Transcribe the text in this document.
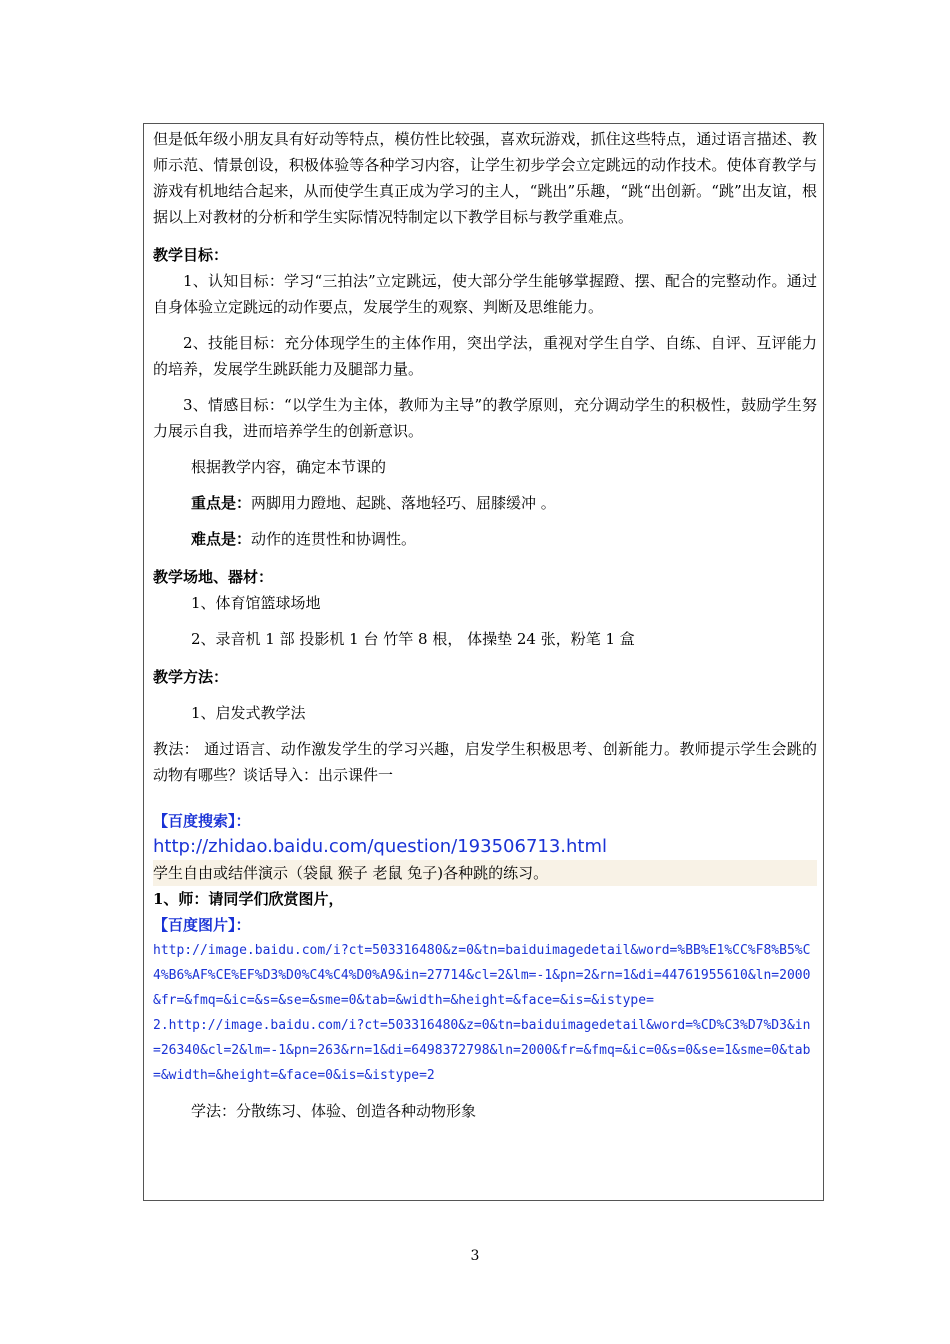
但是低年级小朋友具有好动等特点，模仿性比较强，喜欢玩游戏，抓住这些特点，通过语言描述、教师示范、情景创设，积极体验等各种学习内容，让学生初步学会立定跳远的动作技术。使体育教学与游戏有机地结合起来，从而使学生真正成为学习的主人，“跳出”乐趣，“跳“出创新。“跳”出友谊，根据以上对教材的分析和学生实际情况特制定以下教学目标与教学重难点。

教学目标：

1、认知目标：学习“三拍法”立定跳远，使大部分学生能够掌握蹬、摆、配合的完整动作。通过自身体验立定跳远的动作要点，发展学生的观察、判断及思维能力。

2、技能目标：充分体现学生的主体作用，突出学法，重视对学生自学、自练、自评、互评能力的培养，发展学生跳跃能力及腿部力量。

3、情感目标：“以学生为主体，教师为主导”的教学原则，充分调动学生的积极性，鼓励学生努力展示自我，进而培养学生的创新意识。

根据教学内容，确定本节课的

重点是：两脚用力蹬地、起跳、落地轻巧、屈膝缓冲 。

难点是：动作的连贯性和协调性。

教学场地、器材：

1、体育馆篮球场地

2、录音机 1 部 投影机 1 台 竹竿 8 根， 体操垫 24 张，粉笔 1 盒

教学方法：

1、启发式教学法

教法： 通过语言、动作激发学生的学习兴趣，启发学生积极思考、创新能力。教师提示学生会跳的动物有哪些？谈话导入：出示课件一

【百度搜索】：

http://zhidao.baidu.com/question/193506713.html

学生自由或结伴演示（袋鼠 猴子 老鼠 兔子)各种跳的练习。

1、师：请同学们欣赏图片，

【百度图片】：

http://image.baidu.com/i?ct=503316480&z=0&tn=baiduimagedetail&word=%BB%E1%CC%F8%B5%C4%B6%AF%CE%EF%D3%D0%C4%C4%D0%A9&in=27714&cl=2&lm=-1&pn=2&rn=1&di=44761955610&ln=2000&fr=&fmq=&ic=&s=&se=&sme=0&tab=&width=&height=&face=&is=&istype=

2.http://image.baidu.com/i?ct=503316480&z=0&tn=baiduimagedetail&word=%CD%C3%D7%D3&in=26340&cl=2&lm=-1&pn=263&rn=1&di=6498372798&ln=2000&fr=&fmq=&ic=0&s=0&se=1&sme=0&tab=&width=&height=&face=0&is=&istype=2

学法：分散练习、体验、创造各种动物形象

3
